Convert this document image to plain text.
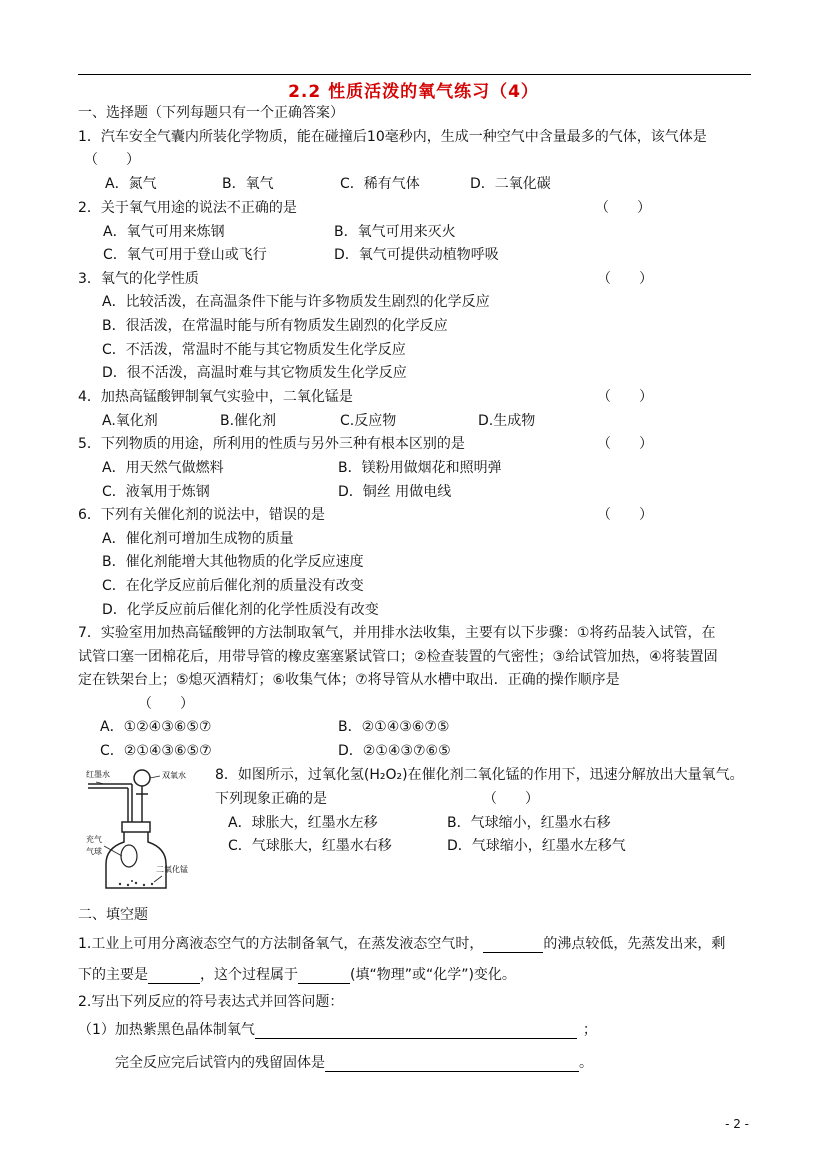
2.2 性质活泼的氧气练习（4）
一、选择题（下列每题只有一个正确答案）
1．汽车安全气囊内所装化学物质，能在碰撞后10毫秒内，生成一种空气中含量最多的气体，该气体是
（　　）
A．氮气	B．氧气	C．稀有气体	D．二氧化碳
2．关于氧气用途的说法不正确的是	（　　）
A．氧气可用来炼钢	B．氧气可用来灭火
C．氧气可用于登山或飞行	D．氧气可提供动植物呼吸
3．氧气的化学性质	（　　）
A．比较活泼，在高温条件下能与许多物质发生剧烈的化学反应
B．很活泼，在常温时能与所有物质发生剧烈的化学反应
C．不活泼，常温时不能与其它物质发生化学反应
D．很不活泼，高温时难与其它物质发生化学反应
4．加热高锰酸钾制氧气实验中，二氧化锰是	（　　）
A.氧化剂	B.催化剂	C.反应物	D.生成物
5．下列物质的用途，所利用的性质与另外三种有根本区别的是	（　　）
A．用天然气做燃料	B．镁粉用做烟花和照明弹
C．液氧用于炼钢	D．铜丝 用做电线
6．下列有关催化剂的说法中，错误的是	（　　）
A．催化剂可增加生成物的质量
B．催化剂能增大其他物质的化学反应速度
C．在化学反应前后催化剂的质量没有改变
D．化学反应前后催化剂的化学性质没有改变
7．实验室用加热高锰酸钾的方法制取氧气，并用排水法收集，主要有以下步骤：①将药品装入试管，在
试管口塞一团棉花后，用带导管的橡皮塞塞紧试管口；②检查装置的气密性；③给试管加热，④将装置固
定在铁架台上；⑤熄灭酒精灯；⑥收集气体；⑦将导管从水槽中取出．正确的操作顺序是
（　　）
A．①②④③⑥⑤⑦	B．②①④③⑥⑦⑤
C．②①④③⑥⑤⑦	D．②①④③⑦⑥⑤
红墨水	双氧水
充气
气球
二氧化锰
8．如图所示，过氧化氢(H₂O₂)在催化剂二氧化锰的作用下，迅速分解放出大量氧气。
下列现象正确的是	（　　）
A．球胀大，红墨水左移	B．气球缩小，红墨水右移
C．气球胀大，红墨水右移	D．气球缩小，红墨水左移气
二、填空题
1.工业上可用分离液态空气的方法制备氧气，在蒸发液态空气时，	的沸点较低，先蒸发出来，剩
下的主要是	，这个过程属于	(填“物理”或“化学”)变化。
2.写出下列反应的符号表达式并回答问题：
（1）加热紫黑色晶体制氧气	；
完全反应完后试管内的残留固体是	。
- 2 -
